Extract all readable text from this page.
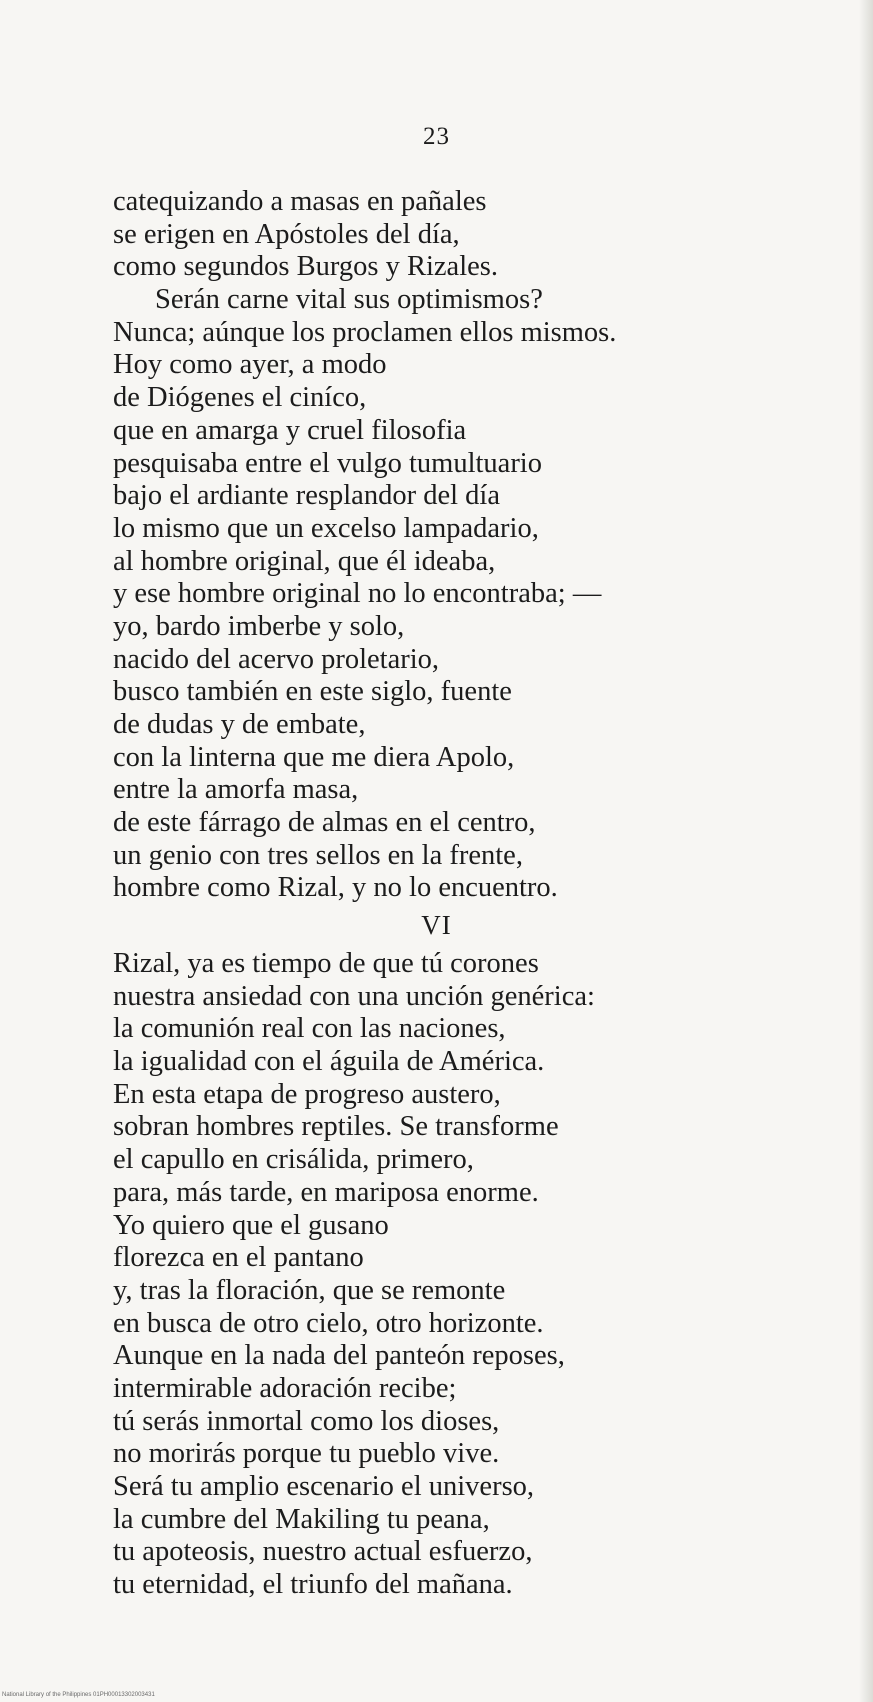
23
catequizando a masas en pañales
se erigen en Apóstoles del día,
como segundos Burgos y Rizales.
Serán carne vital sus optimismos?
Nunca; aúnque los proclamen ellos mismos.
Hoy como ayer, a modo
de Diógenes el ciníco,
que en amarga y cruel filosofia
pesquisaba entre el vulgo tumultuario
bajo el ardiante resplandor del día
lo mismo que un excelso lampadario,
al hombre original, que él ideaba,
y ese hombre original no lo encontraba; —
yo, bardo imberbe y solo,
nacido del acervo proletario,
busco también en este siglo, fuente
de dudas y de embate,
con la linterna que me diera Apolo,
entre la amorfa masa,
de este fárrago de almas en el centro,
un genio con tres sellos en la frente,
hombre como Rizal, y no lo encuentro.
VI
Rizal, ya es tiempo de que tú corones
nuestra ansiedad con una unción genérica:
la comunión real con las naciones,
la igualidad con el águila de América.
En esta etapa de progreso austero,
sobran hombres reptiles. Se transforme
el capullo en crisálida, primero,
para, más tarde, en mariposa enorme.
Yo quiero que el gusano
florezca en el pantano
y, tras la floración, que se remonte
en busca de otro cielo, otro horizonte.
Aunque en la nada del panteón reposes,
intermirable adoración recibe;
tú serás inmortal como los dioses,
no morirás porque tu pueblo vive.
Será tu amplio escenario el universo,
la cumbre del Makiling tu peana,
tu apoteosis, nuestro actual esfuerzo,
tu eternidad, el triunfo del mañana.
National Library of the Philippines 01PH00013302003431
